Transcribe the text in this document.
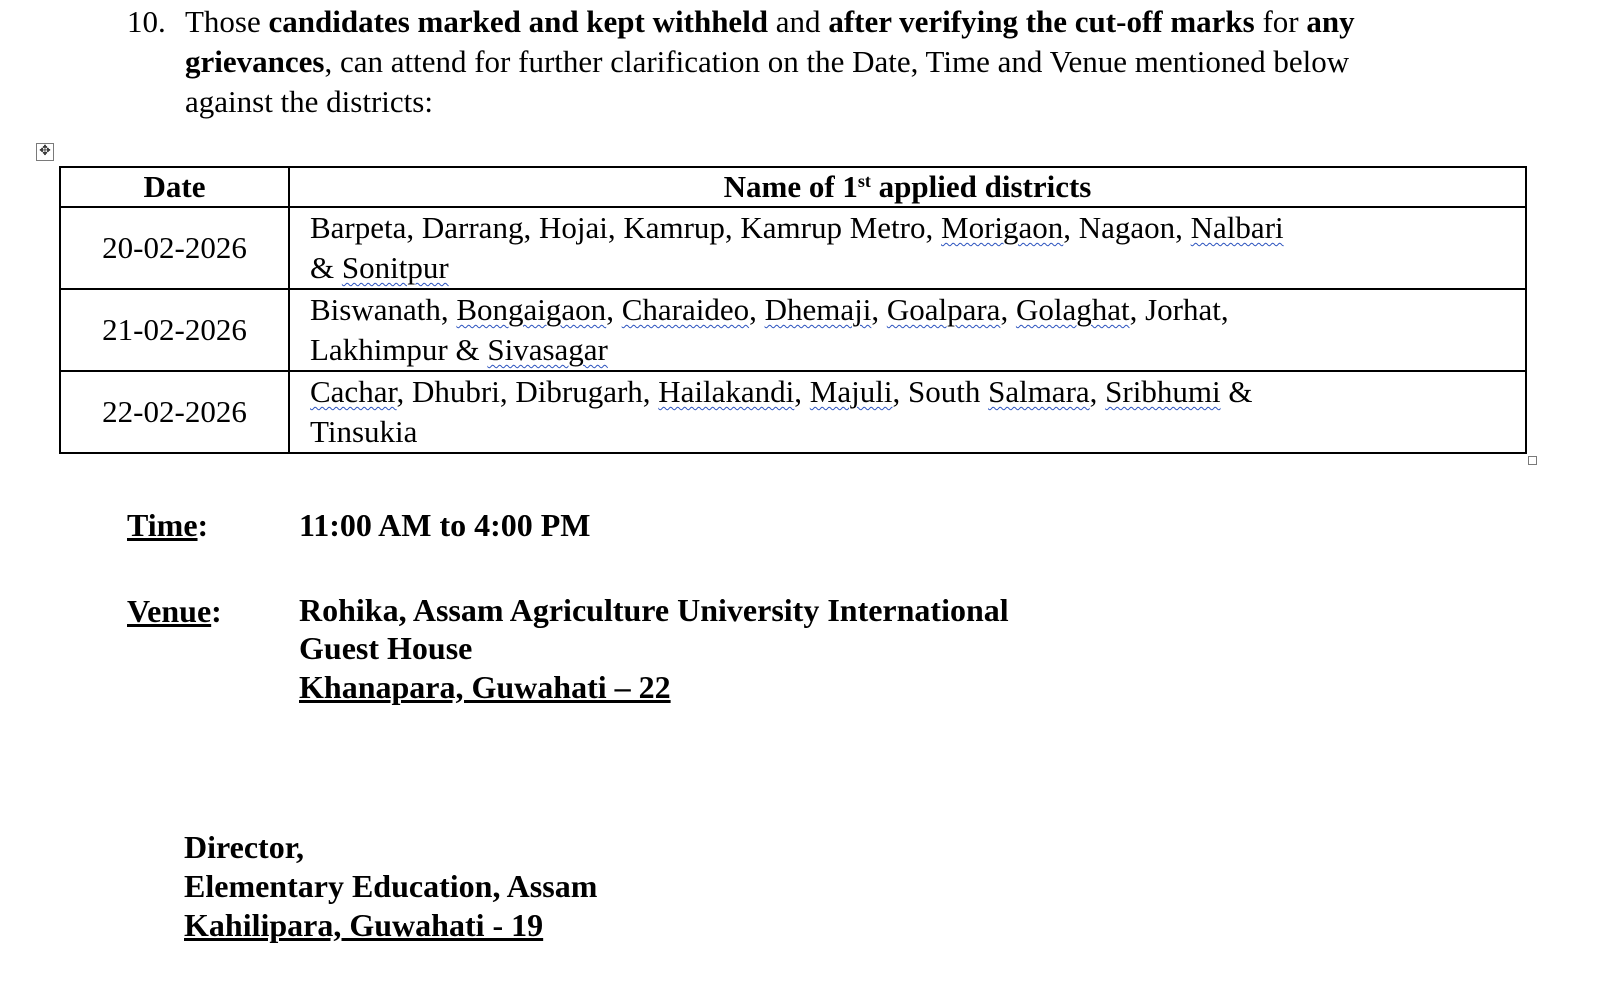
10. Those candidates marked and kept withheld and after verifying the cut-off marks for any
grievances, can attend for further clarification on the Date, Time and Venue mentioned below
against the districts:
✥
Date	Name of 1st applied districts
20-02-2026	Barpeta, Darrang, Hojai, Kamrup, Kamrup Metro, Morigaon, Nagaon, Nalbari
& Sonitpur

21-02-2026	Biswanath, Bongaigaon, Charaideo, Dhemaji, Goalpara, Golaghat, Jorhat,
Lakhimpur & Sivasagar

22-02-2026	Cachar, Dhubri, Dibrugarh, Hailakandi, Majuli, South Salmara, Sribhumi &
Tinsukia
Time:	11:00 AM to 4:00 PM
Venue: Rohika, Assam Agriculture University International
Guest House
Khanapara, Guwahati – 22
Director,
Elementary Education, Assam
Kahilipara, Guwahati - 19
